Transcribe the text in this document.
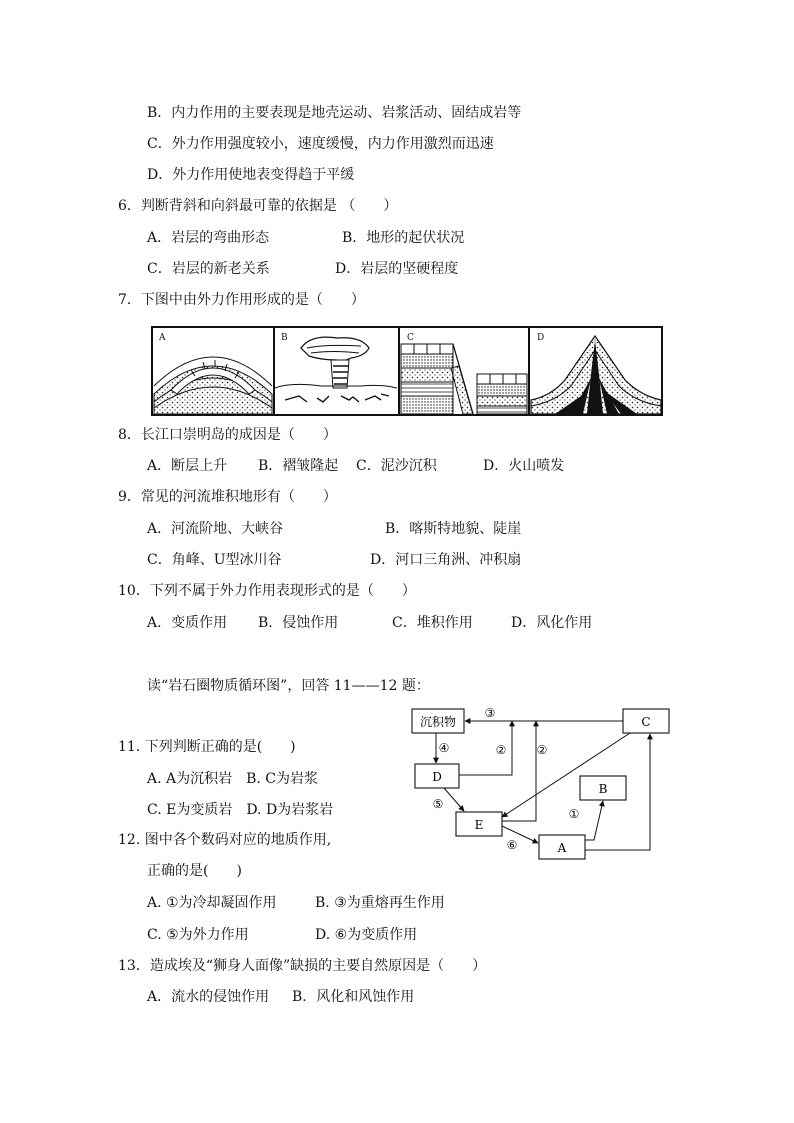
B．内力作用的主要表现是地壳运动、岩浆活动、固结成岩等
C．外力作用强度较小，速度缓慢，内力作用激烈而迅速
D．外力作用使地表变得趋于平缓
6．判断背斜和向斜最可靠的依据是 （　　）
A．岩层的弯曲形态	B．地形的起伏状况
C．岩层的新老关系	D．岩层的坚硬程度
7．下图中由外力作用形成的是（　　）
A	B	C	D
8．长江口崇明岛的成因是（　　）
A．断层上升 B．褶皱隆起 C．泥沙沉积	D．火山喷发
9．常见的河流堆积地形有（　　）
A．河流阶地、大峡谷	B．喀斯特地貌、陡崖
C．角峰、U型冰川谷	D．河口三角洲、冲积扇
10．下列不属于外力作用表现形式的是（　　）
A．变质作用 B．侵蚀作用	C．堆积作用	D．风化作用
读“岩石圈物质循环图”，回答 11——12 题：
11. 下列判断正确的是(　　)
A. A为沉积岩　B. C为岩浆
C. E为变质岩　D. D为岩浆岩
12. 图中各个数码对应的地质作用,
正确的是(　　)
A. ①为冷却凝固作用	B. ③为重熔再生作用
C. ⑤为外力作用	D. ⑥为变质作用
13．造成埃及“狮身人面像”缺损的主要自然原因是（　　）
A．流水的侵蚀作用 B．风化和风蚀作用
沉积物	C
D
E
B
A
③
④	②	②
⑤
①
⑥
